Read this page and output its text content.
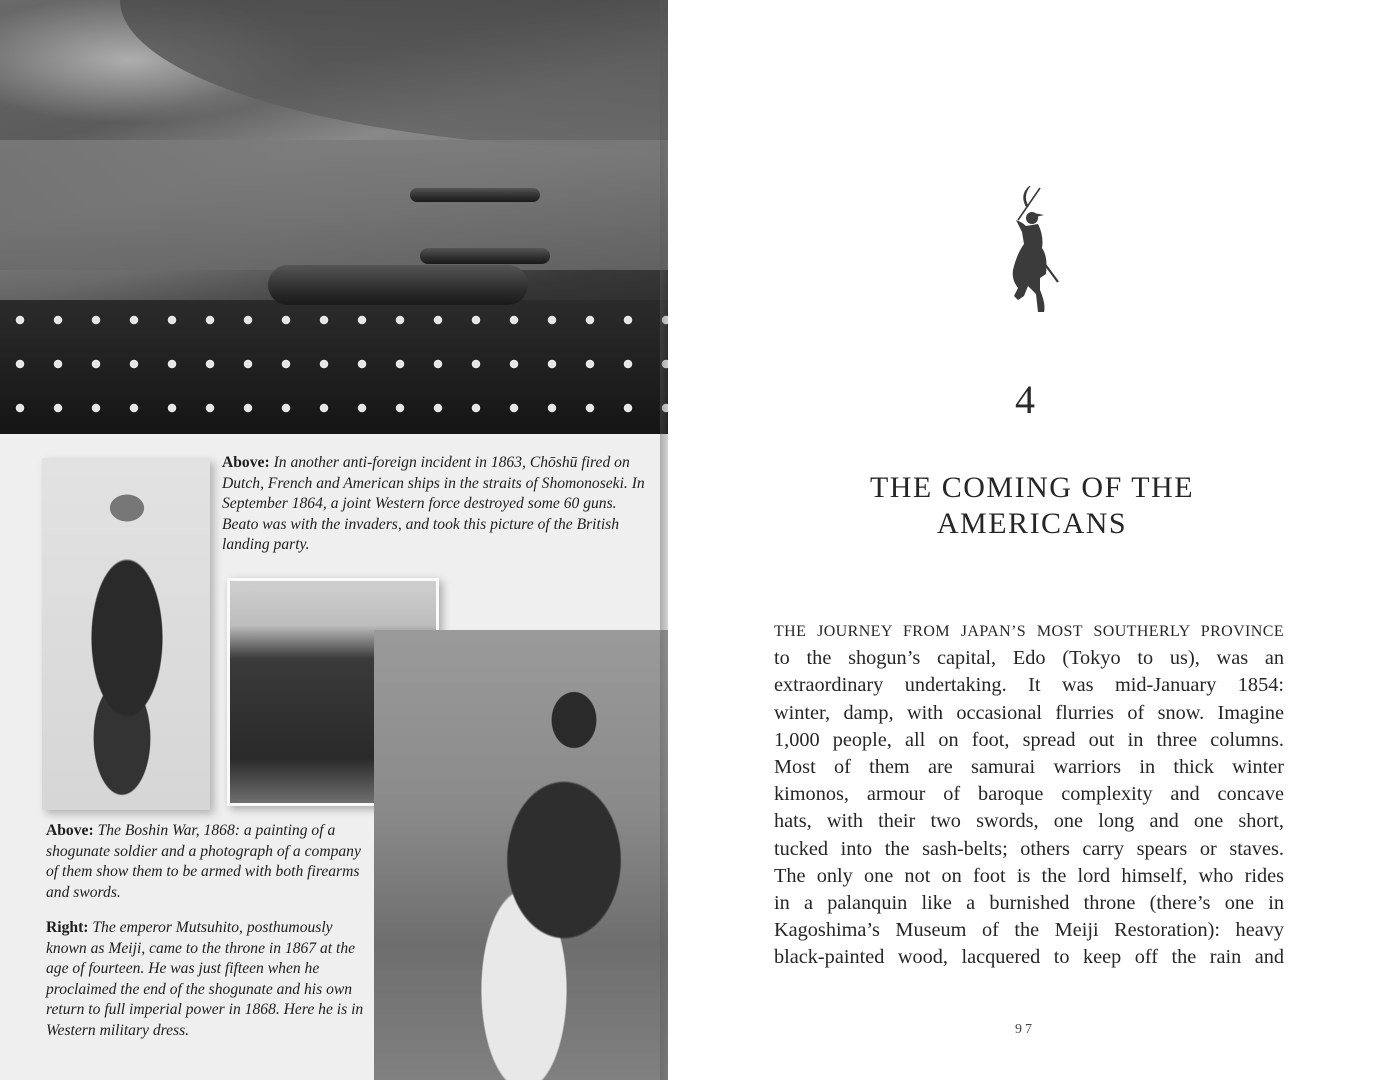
Above: In another anti-foreign incident in 1863, Chōshū fired on Dutch, French and American ships in the straits of Shomonoseki. In September 1864, a joint Western force destroyed some 60 guns. Beato was with the invaders, and took this picture of the British landing party.
Above: The Boshin War, 1868: a painting of a shogunate soldier and a photograph of a company of them show them to be armed with both firearms and swords.
Right: The emperor Mutsuhito, posthumously known as Meiji, came to the throne in 1867 at the age of fourteen. He was just fifteen when he proclaimed the end of the shogunate and his own return to full imperial power in 1868. Here he is in Western military dress.
4
THE COMING OF THE
AMERICANS
THE JOURNEY FROM JAPAN’S MOST SOUTHERLY PROVINCE
to the shogun’s capital, Edo (Tokyo to us), was an
extraordinary undertaking. It was mid-January 1854:
winter, damp, with occasional flurries of snow. Imagine
1,000 people, all on foot, spread out in three columns.
Most of them are samurai warriors in thick winter
kimonos, armour of baroque complexity and concave
hats, with their two swords, one long and one short,
tucked into the sash-belts; others carry spears or staves.
The only one not on foot is the lord himself, who rides
in a palanquin like a burnished throne (there’s one in
Kagoshima’s Museum of the Meiji Restoration): heavy
black-painted wood, lacquered to keep off the rain and
97
